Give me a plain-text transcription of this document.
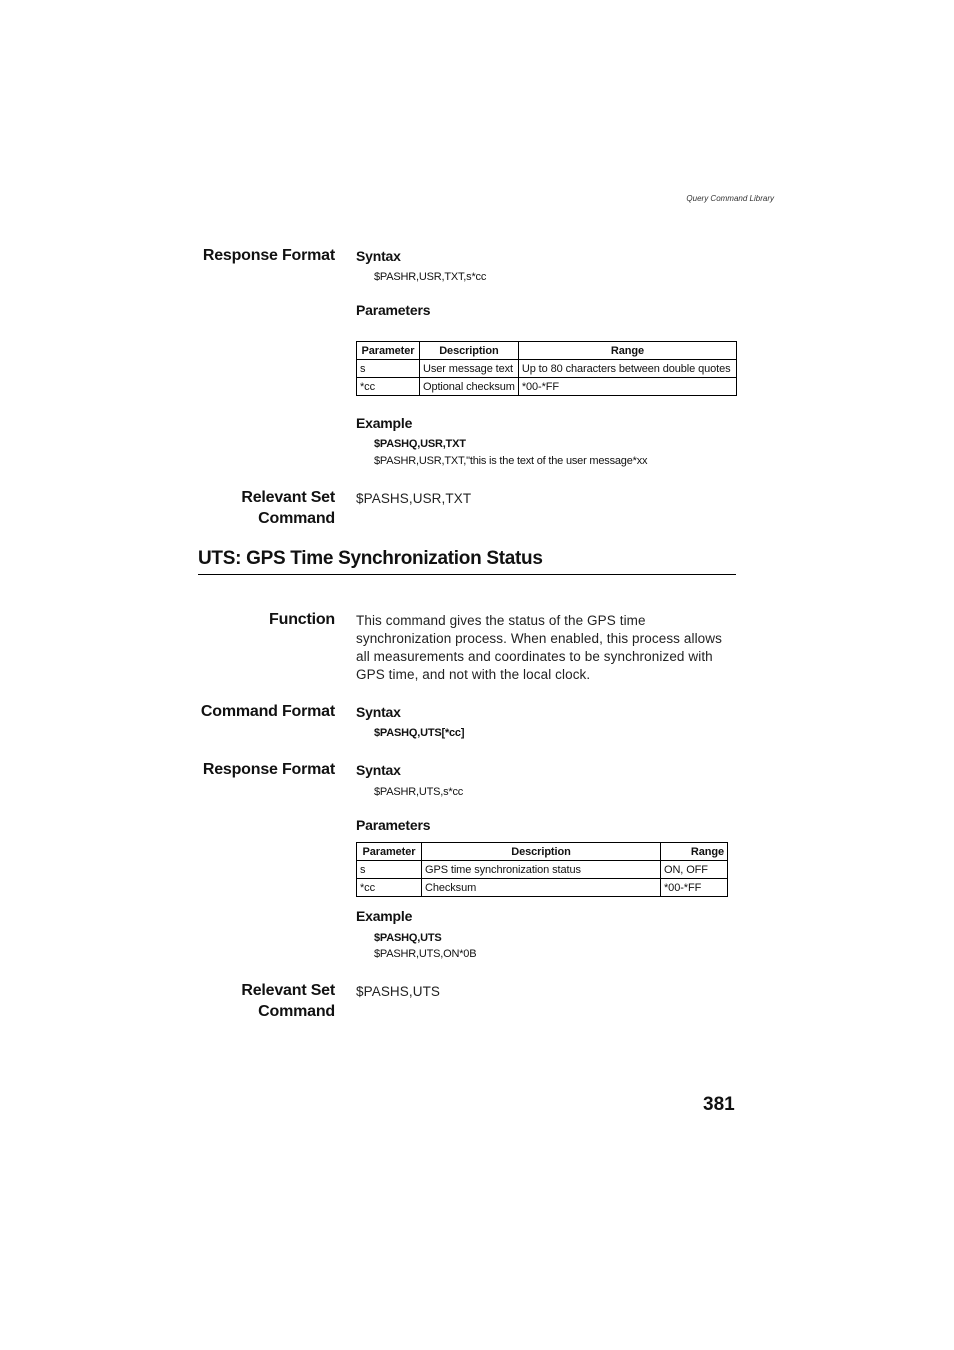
Query Command Library
Response Format Syntax
$PASHR,USR,TXT,s*cc
Parameters
Parameter	Description	Range
s	User message text	Up to 80 characters between double quotes
*cc	Optional checksum	*00-*FF
Example
$PASHQ,USR,TXT
$PASHR,USR,TXT,"this is the text of the user message*xx
Relevant Set
Command
$PASHS,USR,TXT
UTS: GPS Time Synchronization Status
Function This command gives the status of the GPS time synchronization process. When enabled, this process allows all measurements and coordinates to be synchronized with GPS time, and not with the local clock.
Command Format Syntax
$PASHQ,UTS[*cc]
Response Format Syntax
$PASHR,UTS,s*cc
Parameters
Parameter	Description	Range
s	GPS time synchronization status	ON, OFF
*cc	Checksum	*00-*FF
Example
$PASHQ,UTS
$PASHR,UTS,ON*0B
Relevant Set
Command
$PASHS,UTS
381
